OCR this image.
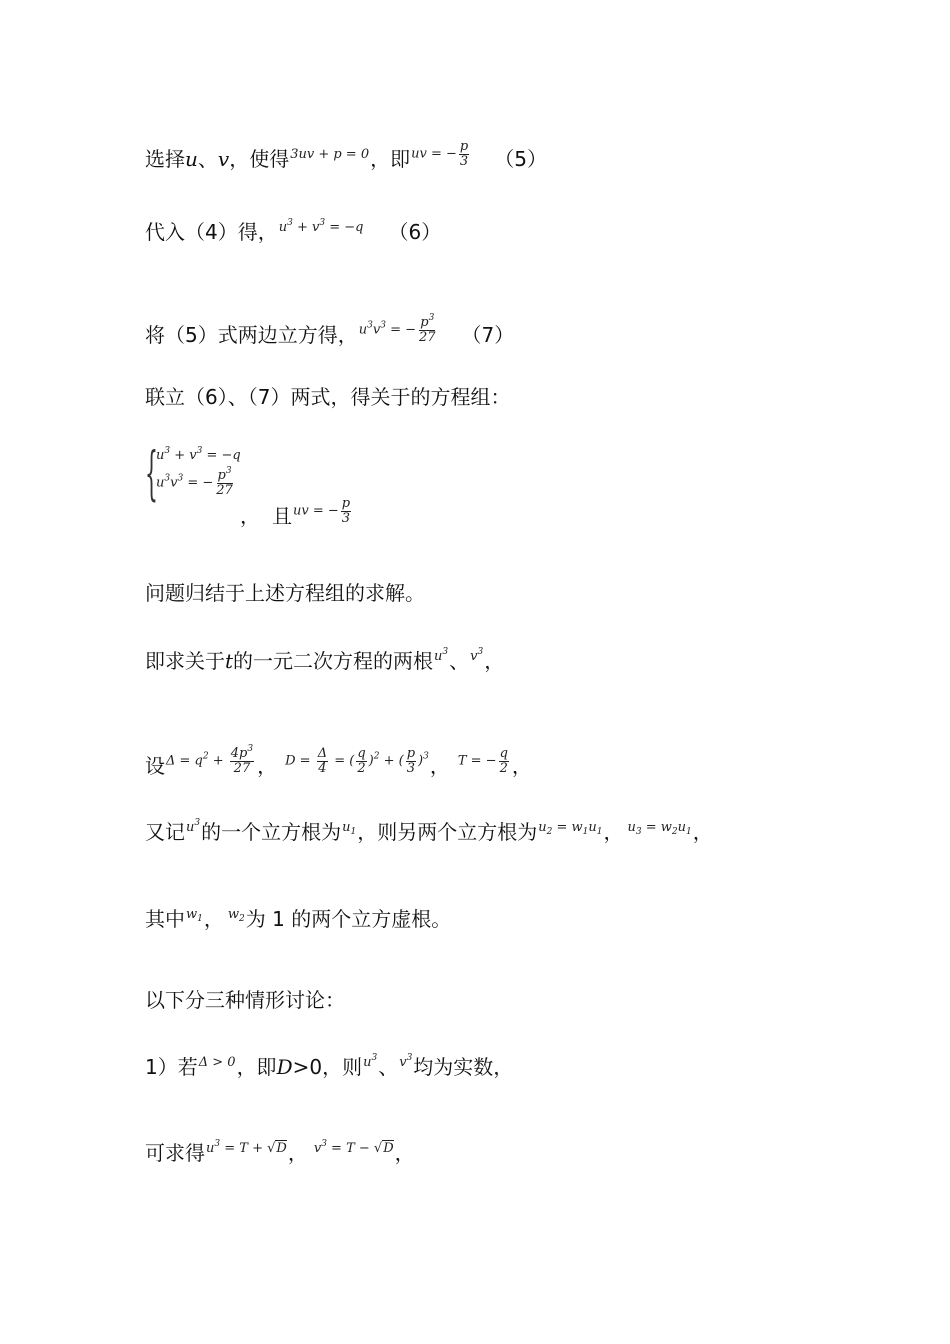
选择 u 、 v ，使得 3uv + p = 0 ，即 uv = − $\frac{p}{3} (5)$
代入（4）得， $u^3 + v^3 = -q$ （6）
将（5）式两边立方得， $u^3v^3$ = − $\frac{p^3}{27} (7)$
联立（6）、（7）两式，得关于的方程组：
{
$u^3 + v^3 = -q$
$u^3v^3$ = − $\frac{p^3}{27}$
， 且 uv = − $\frac{p}{3}$
问题归结于上述方程组的求解。
即求关于 t 的一元二次方程的两根 $u^3$ 、 $v^3$ ，
设 $\Delta = q^2 + \frac{4p^3}{27}$ ， $D = \frac{\Delta}{4}$ = ( $\frac{q}{2} )^2$ + ( $\frac{p}{3} )^3$ ， T = − $\frac{q}{2}$ ，
又记 $u^3$ 的一个立方根为 $u_1$ ，则另两个立方根为 $u_2 = w_1u_1$ ， $u_3 = w_2u_1$ ，
其中 $w_1$ ， $w_2$ 为 1 的两个立方虚根。
以下分三种情形讨论：
1）若 Δ > 0 ，即 D >0，则 $u^3$ 、 $v^3$ 均为实数，
可求得 $u^3 = T + √D$ ， $v^3 = T - √D$ ，
